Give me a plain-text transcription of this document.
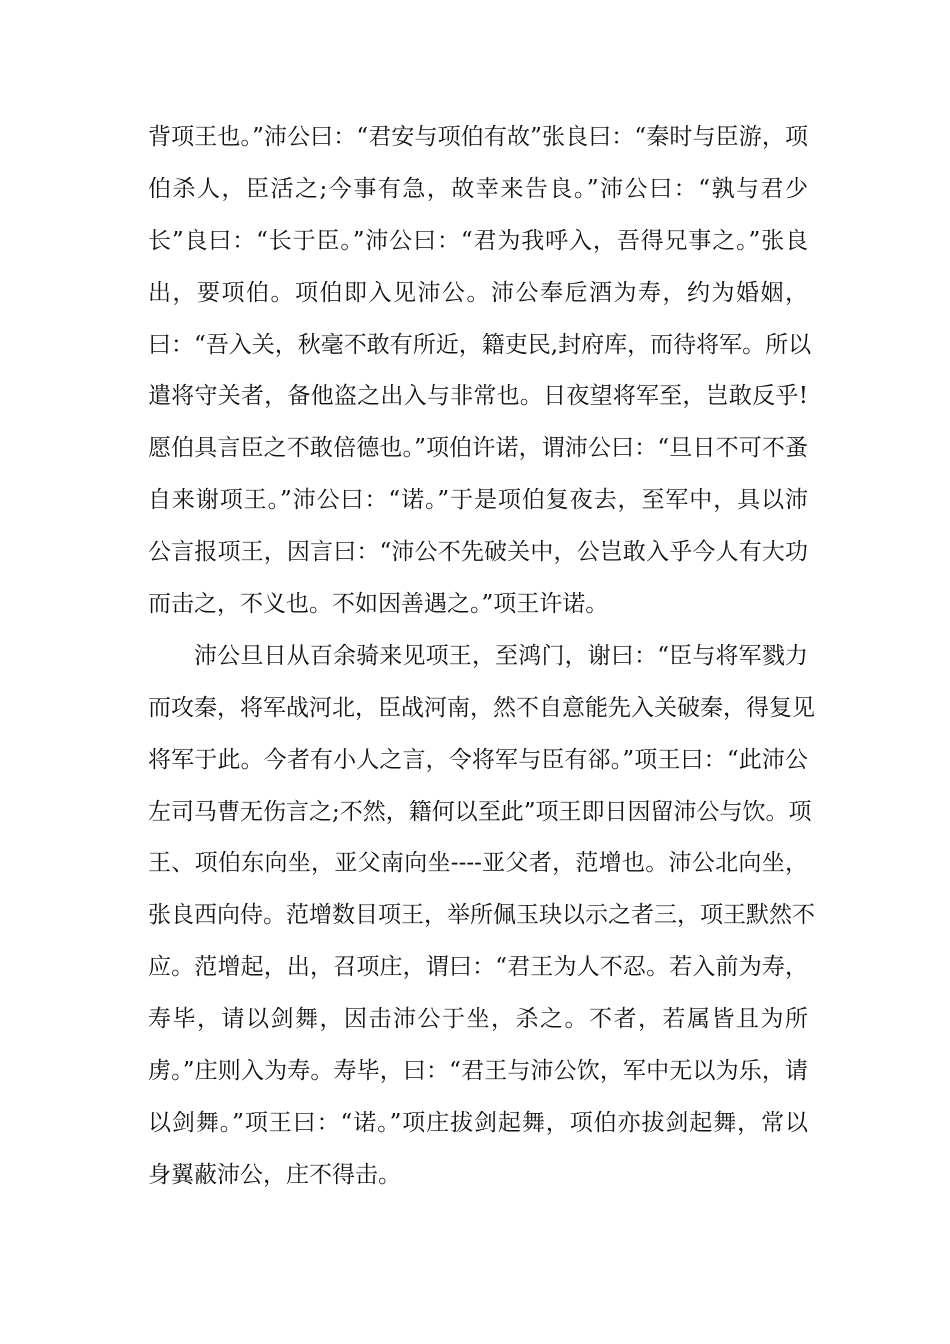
背项王也。”沛公曰：“君安与项伯有故”张良曰：“秦时与臣游，项
伯杀人，臣活之;今事有急，故幸来告良。”沛公曰：“孰与君少
长”良曰：“长于臣。”沛公曰：“君为我呼入，吾得兄事之。”张良
出，要项伯。项伯即入见沛公。沛公奉卮酒为寿，约为婚姻，
曰：“吾入关，秋毫不敢有所近，籍吏民,封府库，而待将军。所以
遣将守关者，备他盗之出入与非常也。日夜望将军至，岂敢反乎!
愿伯具言臣之不敢倍德也。”项伯许诺，谓沛公曰：“旦日不可不蚤
自来谢项王。”沛公曰：“诺。”于是项伯复夜去，至军中，具以沛
公言报项王，因言曰：“沛公不先破关中，公岂敢入乎今人有大功
而击之，不义也。不如因善遇之。”项王许诺。
沛公旦日从百余骑来见项王，至鸿门，谢曰：“臣与将军戮力
而攻秦，将军战河北，臣战河南，然不自意能先入关破秦，得复见
将军于此。今者有小人之言，令将军与臣有郤。”项王曰：“此沛公
左司马曹无伤言之;不然，籍何以至此”项王即日因留沛公与饮。项
王、项伯东向坐，亚父南向坐----亚父者，范增也。沛公北向坐，
张良西向侍。范增数目项王，举所佩玉玦以示之者三，项王默然不
应。范增起，出，召项庄，谓曰：“君王为人不忍。若入前为寿，
寿毕，请以剑舞，因击沛公于坐，杀之。不者，若属皆且为所
虏。”庄则入为寿。寿毕，曰：“君王与沛公饮，军中无以为乐，请
以剑舞。”项王曰：“诺。”项庄拔剑起舞，项伯亦拔剑起舞，常以
身翼蔽沛公，庄不得击。
